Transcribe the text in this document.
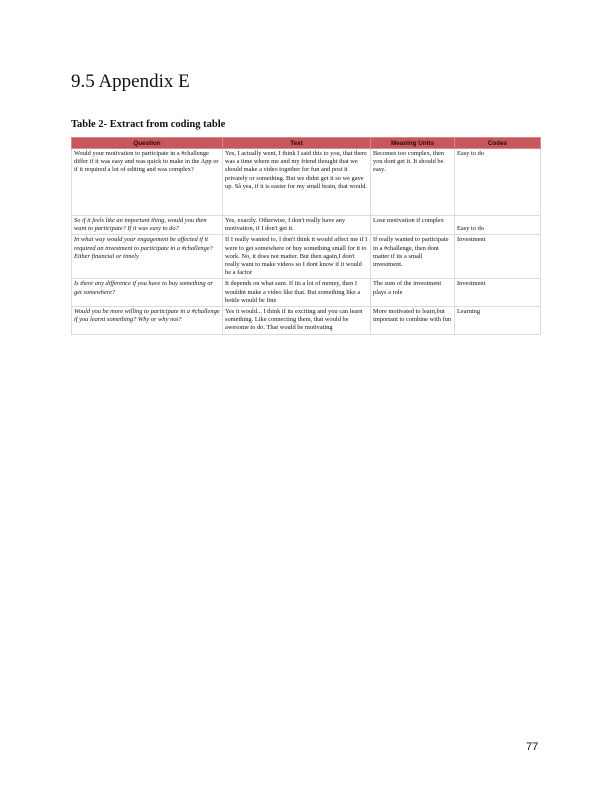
9.5 Appendix E
Table 2- Extract from coding table
Question	Text	Meaning Units	Codes
Would your motivation to participate in a #challenge differ if it was easy and was quick to make in the App or if it required a lot of editing and was complex?	Yes, I actually went, I think I said this to you, that there was a time where me and my friend thought that we should make a video together for fun and post it privately or something. But we didnt get it so we gave up. Så yea, if it is easier for my small brain, that would.	Becomes too complex, then you dont get it. It should be easy.	Easy to do
So if it feels like an important thing, would you then want to participate? If it was easy to do?	Yes, exactly. Otherwise, I don't really have any motivation, if I don't get it.	Lose motivation if complex	Easy to do

In what way would your engagement be affected if it required an investment to participate in a #challenge? Either financial or timely	If I really wanted to, I don't think it would affect me if I were to get somewhere or buy something small for it to work. No, it does not matter. But then again,I don't really want to make videos so I dont know if it would be a factor	If really wanted to participate in a #challenge, then dont matter if its a small investment.	Investment
Is there any difference if you have to buy something or get somewhere?	It depends on what sum. If its a lot of money, then I wouldnt make a video like that. But something like a bottle would be fine	The sum of the investment plays a role	Investment
Would you be more willing to participate in a #challenge if you learnt something? Why or why not?	Yes it would... I think if its exciting and you can learn something. Like connecting them, that would be awesome to do. That would be motivating	More motivated to learn,but important to combine with fun	Learning
77
